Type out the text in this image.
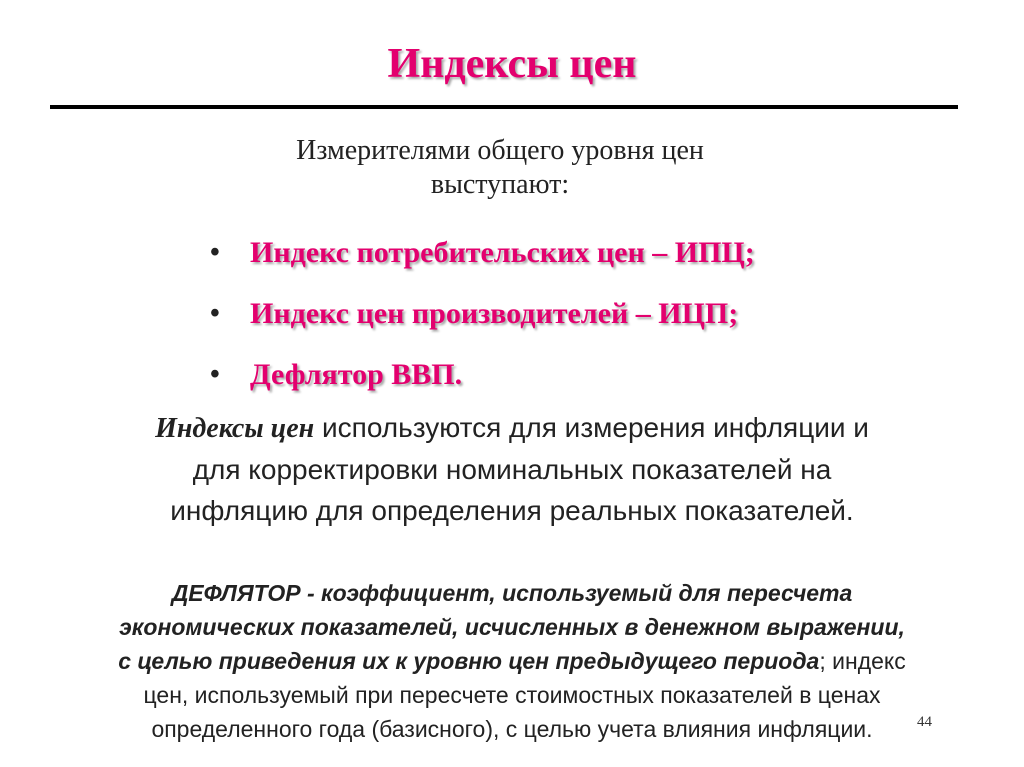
Индексы цен
Измерителями общего уровня цен
выступают:
•	Индекс потребительских цен – ИПЦ;
•	Индекс цен производителей – ИЦП;
•	Дефлятор ВВП.
Индексы цен используются для измерения инфляции и
для корректировки номинальных показателей на
инфляцию для определения реальных показателей.
ДЕФЛЯТОР - коэффициент, используемый для пересчета
экономических показателей, исчисленных в денежном выражении,
с целью приведения их к уровню цен предыдущего периода; индекс
цен, используемый при пересчете стоимостных показателей в ценах
определенного года (базисного), с целью учета влияния инфляции.	44
